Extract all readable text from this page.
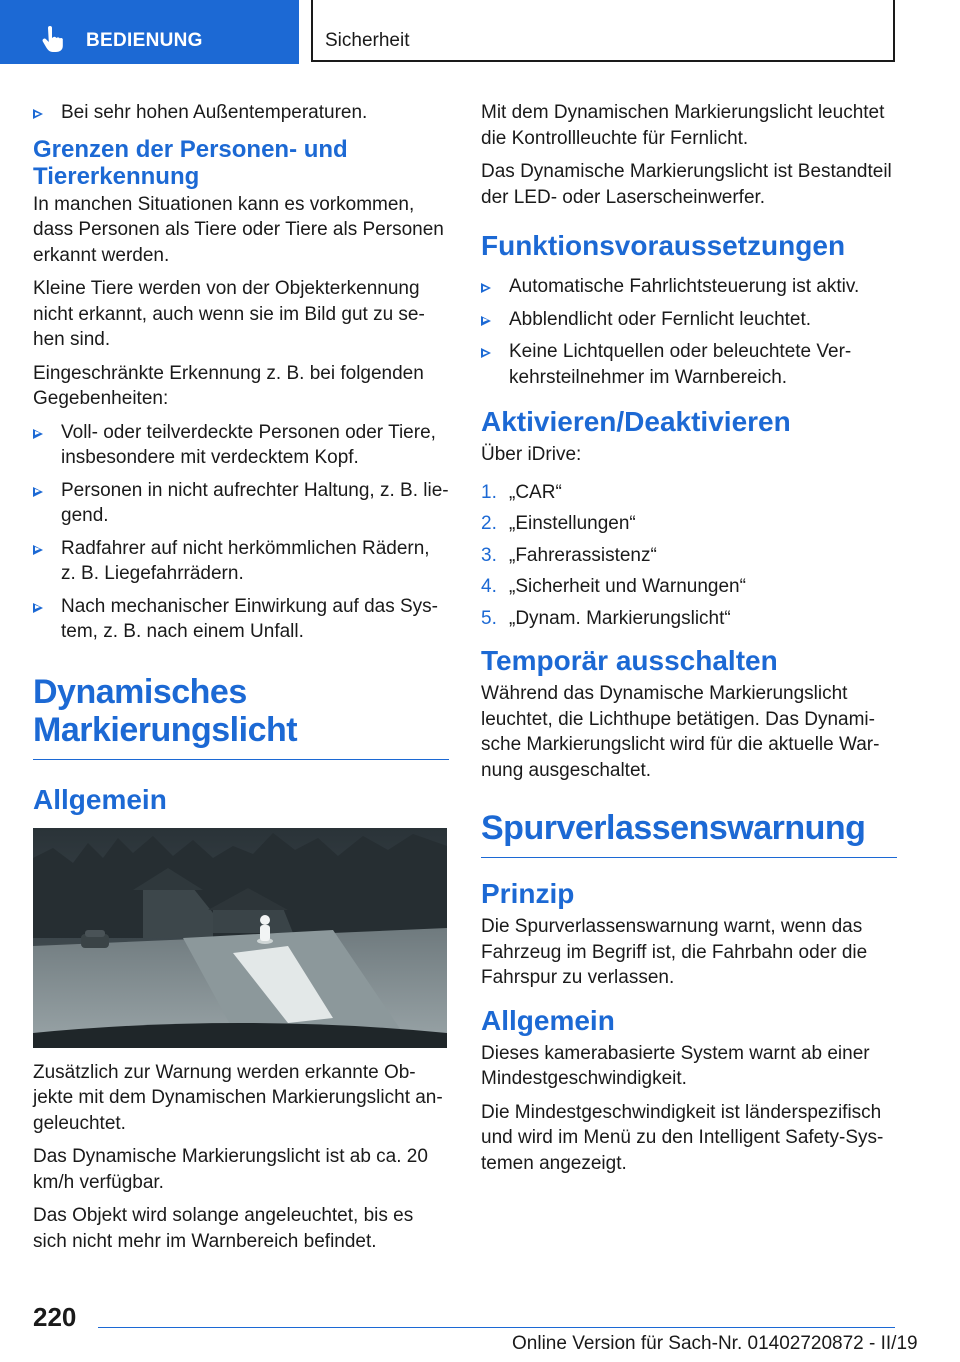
BEDIENUNG	Sicherheit
Bei sehr hohen Außentemperaturen.
Grenzen der Personen- und Tiererkennung

In manchen Situationen kann es vorkommen, dass Personen als Tiere oder Tiere als Personen erkannt werden.

Kleine Tiere werden von der Objekterkennung nicht erkannt, auch wenn sie im Bild gut zu se-hen sind.

Eingeschränkte Erkennung z. B. bei folgenden Gegebenheiten:

Voll- oder teilverdeckte Personen oder Tiere, insbesondere mit verdecktem Kopf.
Personen in nicht aufrechter Haltung, z. B. lie-gend.
Radfahrer auf nicht herkömmlichen Rädern, z. B. Liegefahrrädern.
Nach mechanischer Einwirkung auf das Sys-tem, z. B. nach einem Unfall.
Dynamisches Markierungslicht
Allgemein

Zusätzlich zur Warnung werden erkannte Ob-jekte mit dem Dynamischen Markierungslicht an-geleuchtet.

Das Dynamische Markierungslicht ist ab ca. 20 km/h verfügbar.

Das Objekt wird solange angeleuchtet, bis es sich nicht mehr im Warnbereich befindet.

Mit dem Dynamischen Markierungslicht leuchtet die Kontrollleuchte für Fernlicht.

Das Dynamische Markierungslicht ist Bestandteil der LED- oder Laserscheinwerfer.

Funktionsvoraussetzungen
Automatische Fahrlichtsteuerung ist aktiv.
Abblendlicht oder Fernlicht leuchtet.
Keine Lichtquellen oder beleuchtete Ver-kehrsteilnehmer im Warnbereich.
Aktivieren/Deaktivieren

Über iDrive:

1. „CAR“
2. „Einstellungen“
3. „Fahrerassistenz“
4. „Sicherheit und Warnungen“
5. „Dynam. Markierungslicht“
Temporär ausschalten

Während das Dynamische Markierungslicht leuchtet, die Lichthupe betätigen. Das Dynami-sche Markierungslicht wird für die aktuelle War-nung ausgeschaltet.

Spurverlassenswarnung
Prinzip

Die Spurverlassenswarnung warnt, wenn das Fahrzeug im Begriff ist, die Fahrbahn oder die Fahrspur zu verlassen.

Allgemein

Dieses kamerabasierte System warnt ab einer Mindestgeschwindigkeit.

Die Mindestgeschwindigkeit ist länderspezifisch und wird im Menü zu den Intelligent Safety-Sys-temen angezeigt.

220
Online Version für Sach-Nr. 01402720872 - II/19
